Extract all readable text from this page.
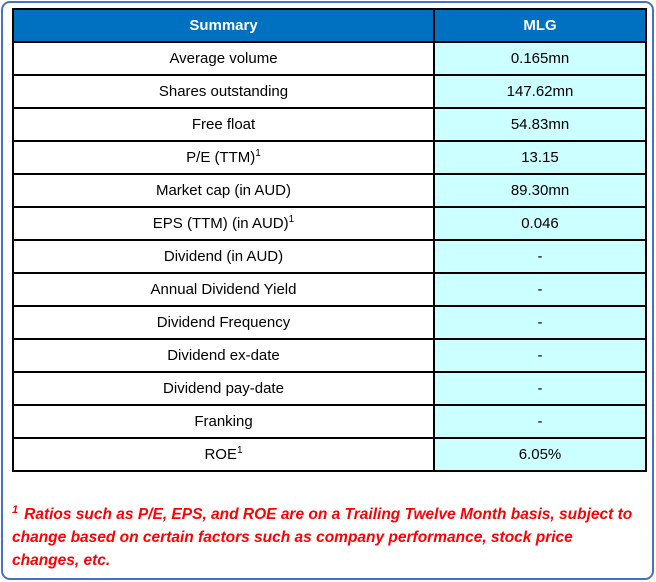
Summary	MLG
Average volume	0.165mn
Shares outstanding	147.62mn
Free float	54.83mn
P/E (TTM)$^1$	13.15
Market cap (in AUD)	89.30mn
EPS (TTM) (in AUD)$^1$	0.046
Dividend (in AUD)	-
Annual Dividend Yield	-
Dividend Frequency	-
Dividend ex-date	-
Dividend pay-date	-
Franking	-
ROE$^1$	6.05%
$^1$ Ratios such as P/E, EPS, and ROE are on a Trailing Twelve Month basis, subject to change based on certain factors such as company performance, stock price changes, etc.
